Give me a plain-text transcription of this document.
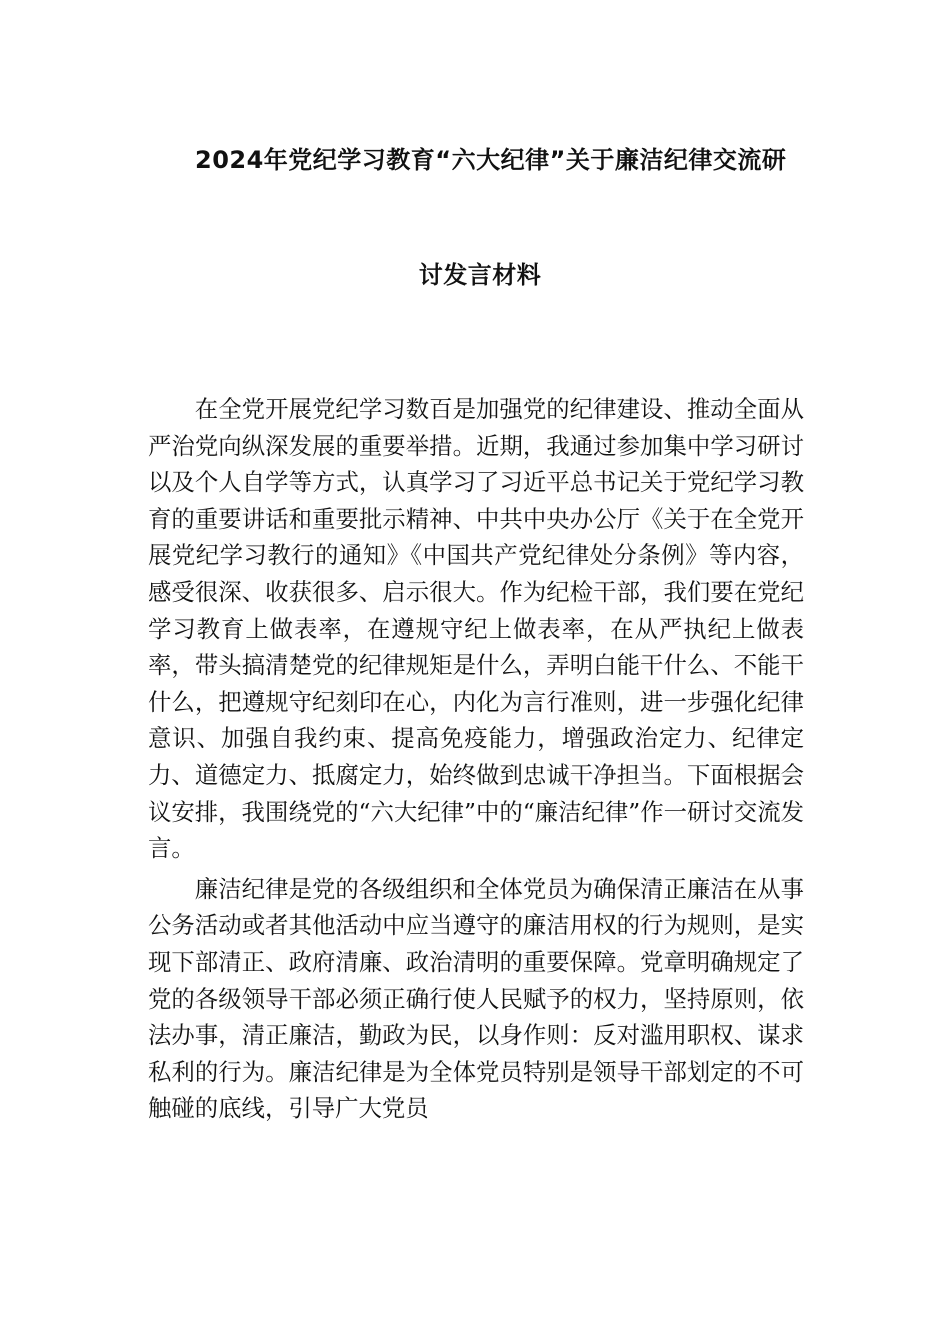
2024年党纪学习教育“六大纪律”关于廉洁纪律交流研
讨发言材料

在全党开展党纪学习数百是加强党的纪律建设、推动全面从严治党向纵深发展的重要举措。近期，我通过参加集中学习研讨以及个人自学等方式，认真学习了习近平总书记关于党纪学习教育的重要讲话和重要批示精神、中共中央办公厅《关于在全党开展党纪学习教行的通知》《中国共产党纪律处分条例》等内容，感受很深、收获很多、启示很大。作为纪检干部，我们要在党纪学习教育上做表率，在遵规守纪上做表率，在从严执纪上做表率，带头搞清楚党的纪律规矩是什么，弄明白能干什么、不能干什么，把遵规守纪刻印在心，内化为言行准则，进一步强化纪律意识、加强自我约束、提高免疫能力，增强政治定力、纪律定力、道德定力、抵腐定力，始终做到忠诚干净担当。下面根据会议安排，我围绕党的“六大纪律”中的“廉洁纪律”作一研讨交流发言。

廉洁纪律是党的各级组织和全体党员为确保清正廉洁在从事公务活动或者其他活动中应当遵守的廉洁用权的行为规则，是实现下部清正、政府清廉、政治清明的重要保障。党章明确规定了党的各级领导干部必须正确行使人民赋予的权力，坚持原则，依法办事，清正廉洁，勤政为民，以身作则：反对滥用职权、谋求私利的行为。廉洁纪律是为全体党员特别是领导干部划定的不可触碰的底线，引导广大党员
